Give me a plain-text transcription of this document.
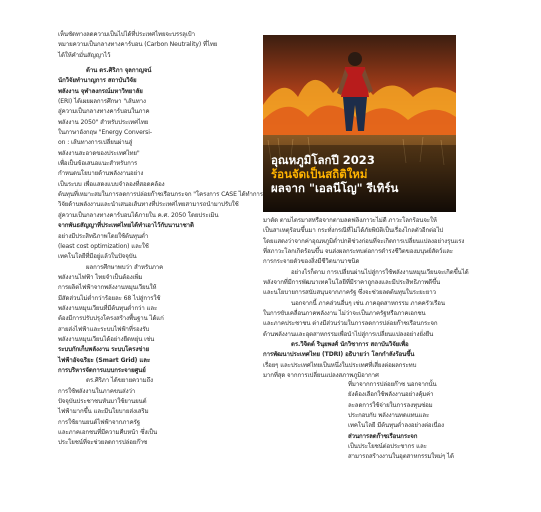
เห็นชัดทางลดความเป็นไปได้ที่ประเทศไทยจะบรรลุเป้า

หมายความเป็นกลางทางคาร์บอน (Carbon Neutrality) ที่ไทย

ได้ให้คำมั่นสัญญาไว้

ด้าน ดร.ศิริภา จุลกาญจน์

นักวิจัยทำนาญการ สถาบันวิจัย

พลังงาน จุฬาลงกรณ์มหาวิทยาลัย

(ERI) ได้เผยผลการศึกษา "เส้นทาง

สู่ความเป็นกลางทางคาร์บอนในภาค

พลังงาน 2050" สำหรับประเทศไทย

ในภาษาอังกฤษ "Energy Conversi-

on : เส้นทางการเปลี่ยนผ่านสู่

พลังงานสะอาดของประเทศไทย"

เพื่อเป็นข้อเสนอแนะสำหรับการ

กำหนดนโยบายด้านพลังงานอย่าง

เป็นระบบ เพื่อแสดงแบบจำลองที่สอดคล้อง

ต้นทุนที่เหมาะสมในการลดการปล่อยก๊าซเรือนกระจก "โครงการ CASE ได้ทำการ

วิจัยด้านพลังงานและนำเสนอเส้นทางที่ประเทศไทยสามารถนำมาปรับใช้

สู่ความเป็นกลางทางคาร์บอนได้ภายใน ค.ศ. 2050 โดยประเมิน

จากพันธสัญญาที่ประเทศไทยได้ทำเอาไว้กับนานาชาติ

อย่างมีประสิทธิภาพโดยใช้ต้นทุนต่ำ

(least cost optimization) และใช้

เทคโนโลยีที่มีอยู่แล้วในปัจจุบัน

ผลการศึกษาพบว่า สำหรับภาค

พลังงานไฟฟ้า ไทยจำเป็นต้องเพิ่ม

การผลิตไฟฟ้าจากพลังงานหมุนเวียนให้

มีสัดส่วนไม่ต่ำกว่าร้อยละ 68 ไปสู่การใช้

พลังงานหมุนเวียนที่มีต้นทุนต่ำกว่า และ

ต้องมีการปรับปรุงโครงสร้างพื้นฐาน ได้แก่

สายส่งไฟฟ้าและระบบไฟฟ้าที่รองรับ

พลังงานหมุนเวียนได้อย่างยืดหยุ่น เช่น

ระบบกักเก็บพลังงาน ระบบโครงข่าย

ไฟฟ้าอัจฉริยะ (Smart Grid) และ

การบริหารจัดการแบบกระจายศูนย์

ดร.ศิริภา ได้ขยายความถึง

การใช้พลังงานในภาคขนส่งว่า

ปัจจุบันประชาชนหันมาใช้ยานยนต์

ไฟฟ้ามากขึ้น และมีนโยบายส่งเสริม

การใช้ยานยนต์ไฟฟ้าจากภาครัฐ

และภาคเอกชนที่มีความคืบหน้า ซึ่งเป็น

ประโยชน์ที่จะช่วยลดการปล่อยก๊าซ

48
อุณหภูมิโลกปี 2023
ร้อนจัดเป็นสถิติใหม่
ผลจาก "เอลนีโญ" รีเทิร์น

มาตัด ตามไตรมาสหรือจากตามลดฟลิงภาวะไม่ดี ภาวะโลกร้อนจะให้

เป็นสาเหตุร้อนขึ้นมา กระทั่งกรณีที่ไม่ได้ภัยพิบัติเป็นเรื่องไกลตัวอีกต่อไป

โดยแสดงว่าจากค่าอุณหภูมิต่ำปกติช่วงก่อนที่จะเกิดการเปลี่ยนแปลงอย่างรุนแรง

ที่สภาวะโลกเกิดร้อนขึ้น จนส่งผลกระทบต่อการดำรงชีวิตของมนุษย์สัตว์และ

การกระจายตัวของสิ่งมีชีวิตนานาชนิด

อย่างไรก็ตาม การเปลี่ยนผ่านไปสู่การใช้พลังงานหมุนเวียนจะเกิดขึ้นได้

หลังจากที่มีการพัฒนาเทคโนโลยีที่มีราคาถูกลงและมีประสิทธิภาพดีขึ้น

และนโยบายการสนับสนุนจากภาครัฐ ซึ่งจะช่วยลดต้นทุนในระยะยาว

นอกจากนี้ ภาคส่วนอื่นๆ เช่น ภาคอุตสาหกรรม ภาคครัวเรือน

ในการขับเคลื่อนภาคพลังงาน ไม่ว่าจะเป็นภาครัฐหรือภาคเอกชน

และภาคประชาชน ต่างมีส่วนร่วมในการลดการปล่อยก๊าซเรือนกระจก

ด้านพลังงานและอุตสาหกรรมเพื่อนำไปสู่การเปลี่ยนแปลงอย่างยั่งยืน

ดร.วิจิตต์ รินุยพงศ์ นักวิชาการ สถาบันวิจัยเพื่อ

การพัฒนาประเทศไทย (TDRI) อธิบายว่า โลกกำลังร้อนขึ้น

เรื่อยๆ และประเทศไทยเป็นหนึ่งในประเทศที่เสี่ยงต่อผลกระทบ

มากที่สุด จากการเปลี่ยนแปลงสภาพภูมิอากาศ

ที่มาจากการปล่อยก๊าซ นอกจากนั้น

ยังต้องเลือกใช้พลังงานอย่างคุ้มค่า

ละลดการใช้จ่ายในการลงทุนซ่อม

ประกอบกับ พลังงานทดแทนและ

เทคโนโลยี มีต้นทุนต่ำลงอย่างต่อเนื่อง

ส่วนการลดก๊าซเรือนกระจก

เป็นประโยชน์ต่อประชากร และ

สามารถสร้างงานในอุตสาหกรรมใหม่ๆ ได้
